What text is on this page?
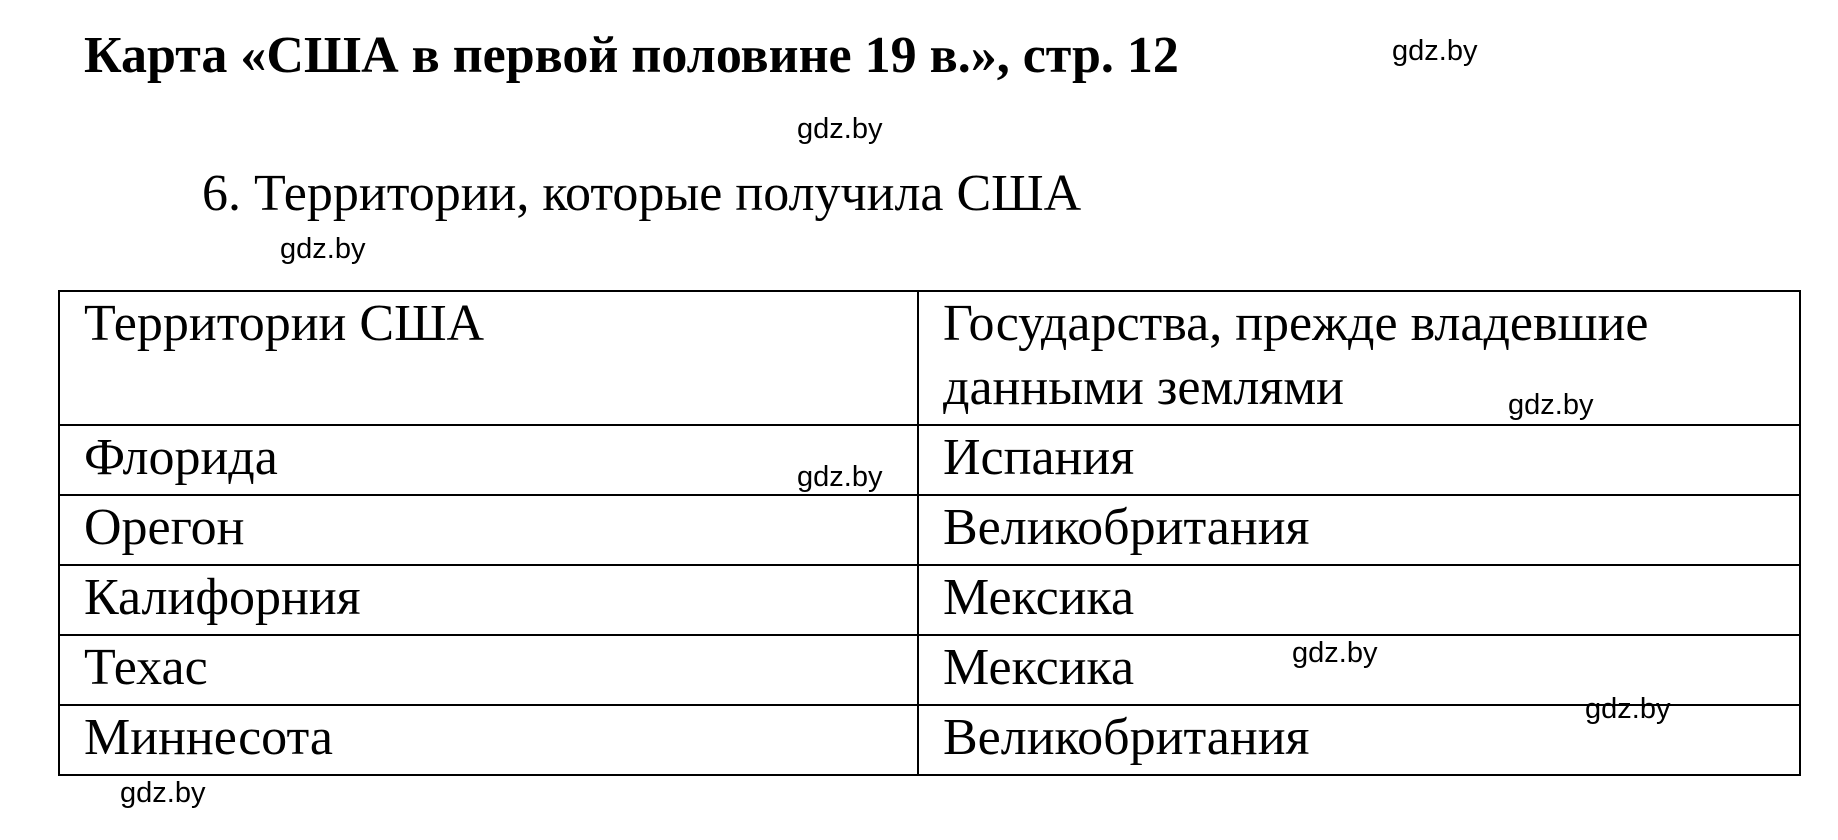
Карта «США в первой половине 19 в.», стр. 12	gdz.by
gdz.by
6. Территории, которые получила США
gdz.by
Территории США	Государства, прежде владевшие данными землями
Флорида	Испания
Орегон	Великобритания
Калифорния	Мексика
Техас	Мексика
Миннесота	Великобритания
gdz.by
gdz.by
gdz.by
gdz.by
gdz.by
